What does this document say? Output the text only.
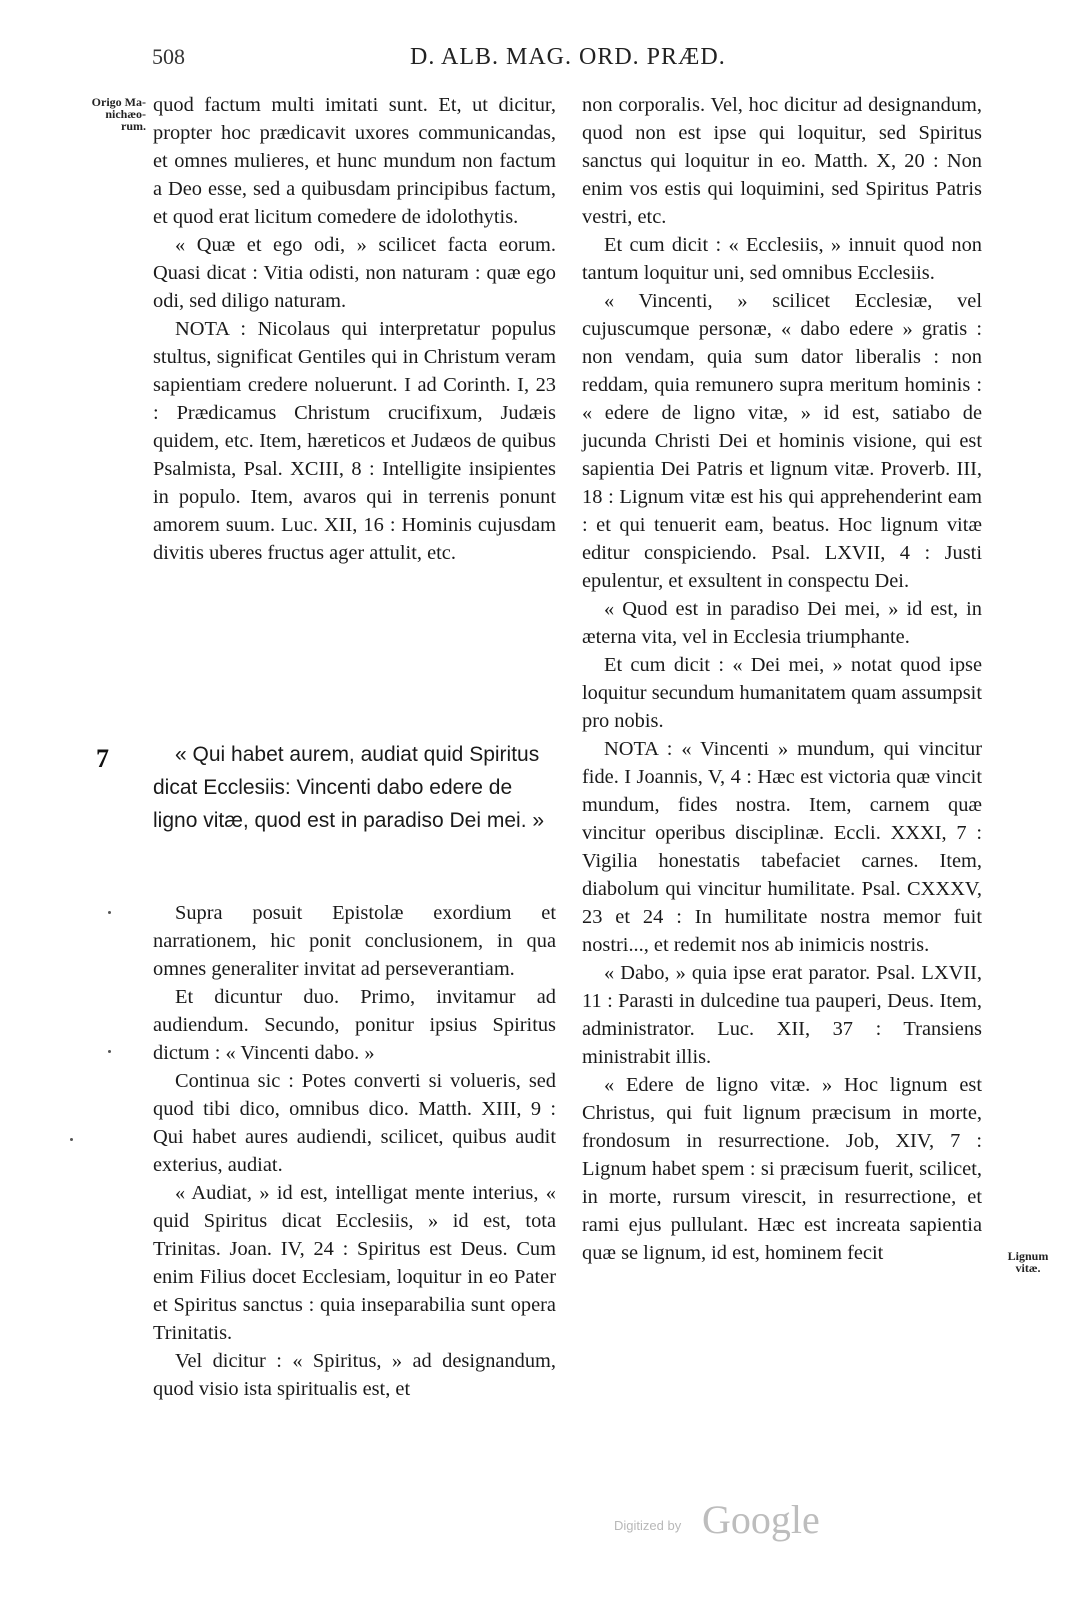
508	D. ALB. MAG. ORD. PRÆD.
Origo Ma-
nichæo-
rum.
Lignum
vitæ.
7

quod factum multi imitati sunt. Et, ut dicitur, propter hoc prædicavit uxores communicandas, et omnes mulieres, et hunc mundum non factum a Deo esse, sed a quibusdam principibus factum, et quod erat licitum comedere de idolothytis.

« Quæ et ego odi, » scilicet facta eorum. Quasi dicat : Vitia odisti, non naturam : quæ ego odi, sed diligo naturam.

NOTA : Nicolaus qui interpretatur populus stultus, significat Gentiles qui in Christum veram sapientiam credere noluerunt. I ad Corinth. I, 23 : Prædicamus Christum crucifixum, Judæis quidem, etc. Item, hæreticos et Judæos de quibus Psalmista, Psal. XCIII, 8 : Intelligite insipientes in populo. Item, avaros qui in terrenis ponunt amorem suum. Luc. XII, 16 : Hominis cujusdam divitis uberes fructus ager attulit, etc.

« Qui habet aurem, audiat quid Spiritus dicat Ecclesiis: Vincenti dabo edere de ligno vitæ, quod est in paradiso Dei mei. »

Supra posuit Epistolæ exordium et narrationem, hic ponit conclusionem, in qua omnes generaliter invitat ad perseverantiam.

Et dicuntur duo. Primo, invitamur ad audiendum. Secundo, ponitur ipsius Spiritus dictum : « Vincenti dabo. »

Continua sic : Potes converti si volueris, sed quod tibi dico, omnibus dico. Matth. XIII, 9 : Qui habet aures audiendi, scilicet, quibus audit exterius, audiat.

« Audiat, » id est, intelligat mente interius, « quid Spiritus dicat Ecclesiis, » id est, tota Trinitas. Joan. IV, 24 : Spiritus est Deus. Cum enim Filius docet Ecclesiam, loquitur in eo Pater et Spiritus sanctus : quia inseparabilia sunt opera Trinitatis.

Vel dicitur : « Spiritus, » ad designandum, quod visio ista spiritualis est, et

non corporalis. Vel, hoc dicitur ad designandum, quod non est ipse qui loquitur, sed Spiritus sanctus qui loquitur in eo. Matth. X, 20 : Non enim vos estis qui loquimini, sed Spiritus Patris vestri, etc.

Et cum dicit : « Ecclesiis, » innuit quod non tantum loquitur uni, sed omnibus Ecclesiis.

« Vincenti, » scilicet Ecclesiæ, vel cujuscumque personæ, « dabo edere » gratis : non vendam, quia sum dator liberalis : non reddam, quia remunero supra meritum hominis : « edere de ligno vitæ, » id est, satiabo de jucunda Christi Dei et hominis visione, qui est sapientia Dei Patris et lignum vitæ. Proverb. III, 18 : Lignum vitæ est his qui apprehenderint eam : et qui tenuerit eam, beatus. Hoc lignum vitæ editur conspiciendo. Psal. LXVII, 4 : Justi epulentur, et exsultent in conspectu Dei.

« Quod est in paradiso Dei mei, » id est, in æterna vita, vel in Ecclesia triumphante.

Et cum dicit : « Dei mei, » notat quod ipse loquitur secundum humanitatem quam assumpsit pro nobis.

NOTA : « Vincenti » mundum, qui vincitur fide. I Joannis, V, 4 : Hæc est victoria quæ vincit mundum, fides nostra. Item, carnem quæ vincitur operibus disciplinæ. Eccli. XXXI, 7 : Vigilia honestatis tabefaciet carnes. Item, diabolum qui vincitur humilitate. Psal. CXXXV, 23 et 24 : In humilitate nostra memor fuit nostri..., et redemit nos ab inimicis nostris.

« Dabo, » quia ipse erat parator. Psal. LXVII, 11 : Parasti in dulcedine tua pauperi, Deus. Item, administrator. Luc. XII, 37 : Transiens ministrabit illis.

« Edere de ligno vitæ. » Hoc lignum est Christus, qui fuit lignum præcisum in morte, frondosum in resurrectione. Job, XIV, 7 : Lignum habet spem : si præcisum fuerit, scilicet, in morte, rursum virescit, in resurrectione, et rami ejus pullulant. Hæc est increata sapientia quæ se lignum, id est, hominem fecit

Digitized by Google
